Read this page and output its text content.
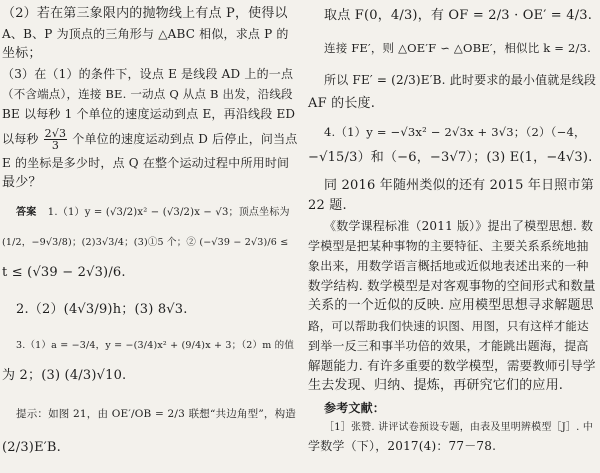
（2）若在第三象限内的抛物线上有点 P，使得以
A、B、P 为顶点的三角形与 △ABC 相似，求点 P 的
坐标；
（3）在（1）的条件下，设点 E 是线段 AD 上的一点
（不含端点），连接 BE. 一动点 Q 从点 B 出发，沿线段
BE 以每秒 1 个单位的速度运动到点 E，再沿线段 ED
以每秒 $\frac{2√3}{3}$ 个单位的速度运动到点 D 后停止，问当点
E 的坐标是多少时，点 Q 在整个运动过程中所用时间
最少？
答案 1.（1）y = (√3/2)x² − (√3/2)x − √3；顶点坐标为
(1/2，−9√3/8)；(2)3√3/4；(3)①5 个；② (−√39 − 2√3)/6 ≤
t ≤ (√39 − 2√3)/6.
2.（2）(4√3/9)h；(3) 8√3.
3.（1）a = −3/4，y = −(3/4)x² + (9/4)x + 3；（2）m 的值
为 2；(3) (4/3)√10.
提示：如图 21，由 OE′/OB = 2/3 联想“共边角型”，构造
(2/3)E′B.
取点 F(0，4/3)，有 OF = 2/3 · OE′ = 4/3.
连接 FE′，则 △OE′F ∽ △OBE′，相似比 k = 2/3.
所以 FE′ = (2/3)E′B. 此时要求的最小值就是线段
AF 的长度.
4.（1）y = −√3x² − 2√3x + 3√3；（2）（−4，
−√15/3）和（−6，−3√7）；(3) E(1，−4√3).
同 2016 年随州类似的还有 2015 年日照市第
22 题.
《数学课程标准（2011 版）》提出了模型思想. 数
学模型是把某种事物的主要特征、主要关系系统地抽
象出来，用数学语言概括地或近似地表述出来的一种
数学结构. 数学模型是对客观事物的空间形式和数量
关系的一个近似的反映. 应用模型思想寻求解题思
路，可以帮助我们快速的识图、用图，只有这样才能达
到举一反三和事半功倍的效果，才能跳出题海，提高
解题能力. 有许多重要的数学模型，需要教师引导学
生去发现、归纳、提炼，再研究它们的应用.
参考文献：
［1］张赞. 讲评试卷预设专题，由表及里明辨模型［J］. 中
学数学（下），2017(4)：77－78.
